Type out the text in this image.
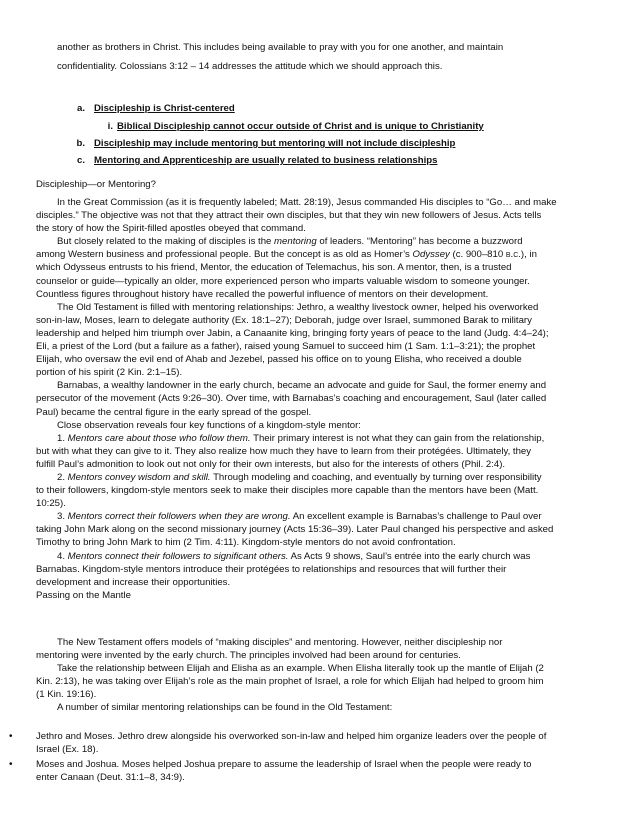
another as brothers in Christ. This includes being available to pray with you for one another, and maintain
confidentiality. Colossians 3:12 – 14 addresses the attitude which we should approach this.
a. Discipleship is Christ-centered
i. Biblical Discipleship cannot occur outside of Christ and is unique to Christianity
b. Discipleship may include mentoring but mentoring will not include discipleship
c. Mentoring and Apprenticeship are usually related to business relationships
Discipleship—or Mentoring?
In the Great Commission (as it is frequently labeled; Matt. 28:19), Jesus commanded His disciples to “Go… and make
disciples.” The objective was not that they attract their own disciples, but that they win new followers of Jesus. Acts tells
the story of how the Spirit-filled apostles obeyed that command.
But closely related to the making of disciples is the mentoring of leaders. “Mentoring” has become a buzzword
among Western business and professional people. But the concept is as old as Homer’s Odyssey (c. 900–810 b.c.), in
which Odysseus entrusts to his friend, Mentor, the education of Telemachus, his son. A mentor, then, is a trusted
counselor or guide—typically an older, more experienced person who imparts valuable wisdom to someone younger.
Countless figures throughout history have recalled the powerful influence of mentors on their development.
The Old Testament is filled with mentoring relationships: Jethro, a wealthy livestock owner, helped his overworked
son-in-law, Moses, learn to delegate authority (Ex. 18:1–27); Deborah, judge over Israel, summoned Barak to military
leadership and helped him triumph over Jabin, a Canaanite king, bringing forty years of peace to the land (Judg. 4:4–24);
Eli, a priest of the Lord (but a failure as a father), raised young Samuel to succeed him (1 Sam. 1:1–3:21); the prophet
Elijah, who oversaw the evil end of Ahab and Jezebel, passed his office on to young Elisha, who received a double
portion of his spirit (2 Kin. 2:1–15).
Barnabas, a wealthy landowner in the early church, became an advocate and guide for Saul, the former enemy and
persecutor of the movement (Acts 9:26–30). Over time, with Barnabas’s coaching and encouragement, Saul (later called
Paul) became the central figure in the early spread of the gospel.
Close observation reveals four key functions of a kingdom-style mentor:
1. Mentors care about those who follow them. Their primary interest is not what they can gain from the relationship,
but with what they can give to it. They also realize how much they have to learn from their protégées. Ultimately, they
fulfill Paul’s admonition to look out not only for their own interests, but also for the interests of others (Phil. 2:4).
2. Mentors convey wisdom and skill. Through modeling and coaching, and eventually by turning over responsibility
to their followers, kingdom-style mentors seek to make their disciples more capable than the mentors have been (Matt.
10:25).
3. Mentors correct their followers when they are wrong. An excellent example is Barnabas’s challenge to Paul over
taking John Mark along on the second missionary journey (Acts 15:36–39). Later Paul changed his perspective and asked
Timothy to bring John Mark to him (2 Tim. 4:11). Kingdom-style mentors do not avoid confrontation.
4. Mentors connect their followers to significant others. As Acts 9 shows, Saul’s entrée into the early church was
Barnabas. Kingdom-style mentors introduce their protégées to relationships and resources that will further their
development and increase their opportunities.
Passing on the Mantle
The New Testament offers models of “making disciples” and mentoring. However, neither discipleship nor
mentoring were invented by the early church. The principles involved had been around for centuries.
Take the relationship between Elijah and Elisha as an example. When Elisha literally took up the mantle of Elijah (2
Kin. 2:13), he was taking over Elijah’s role as the main prophet of Israel, a role for which Elijah had helped to groom him
(1 Kin. 19:16).
A number of similar mentoring relationships can be found in the Old Testament:
• Jethro and Moses. Jethro drew alongside his overworked son-in-law and helped him organize leaders over the people of
Israel (Ex. 18).
• Moses and Joshua. Moses helped Joshua prepare to assume the leadership of Israel when the people were ready to
enter Canaan (Deut. 31:1–8, 34:9).
